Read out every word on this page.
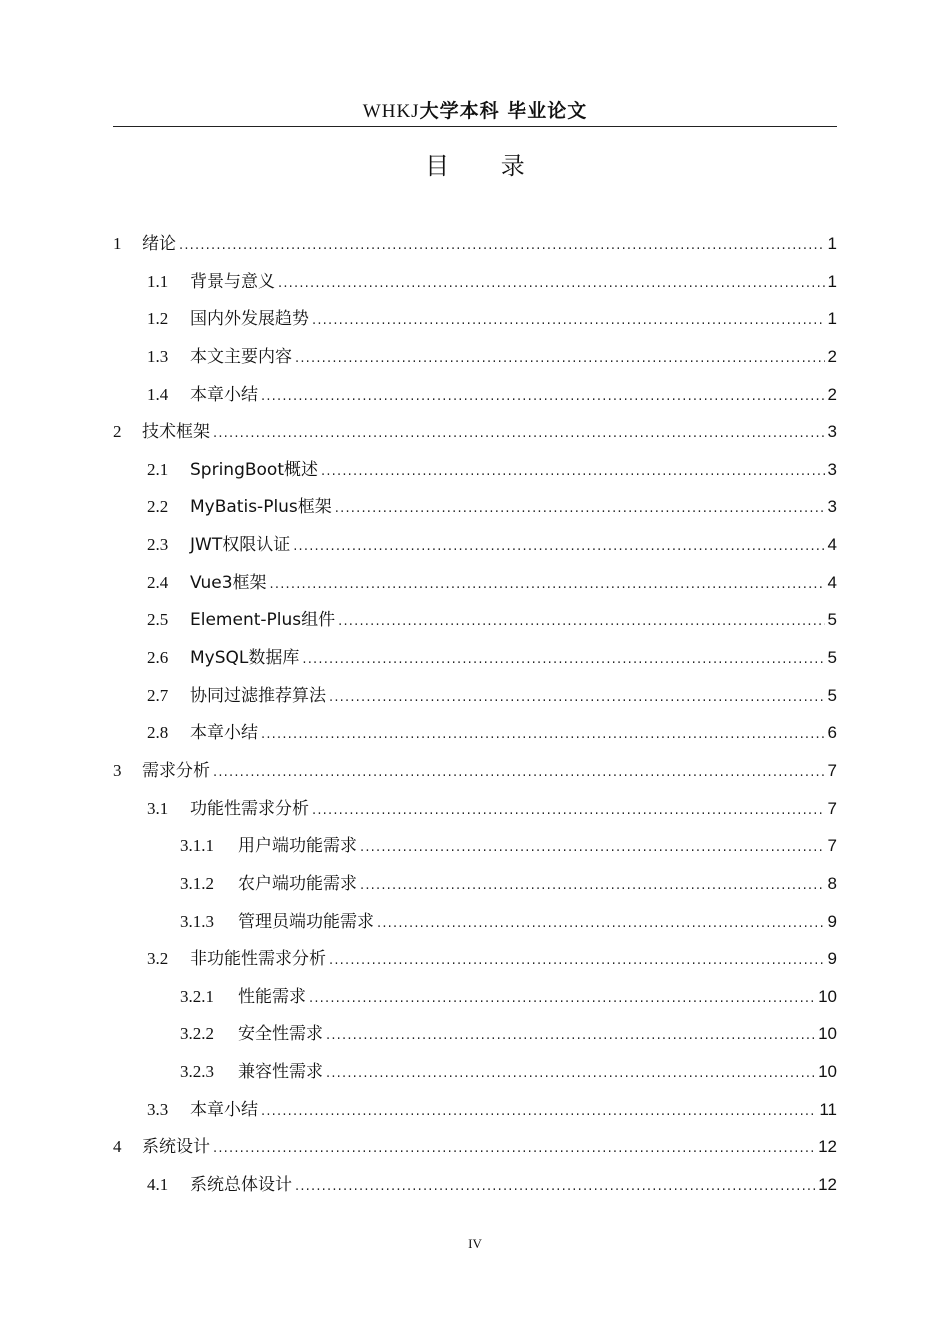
WHKJ大学本科 毕业论文
目 录
1	绪论 .....	1
1.1	背景与意义 .....	1
1.2	国内外发展趋势 .....	1
1.3	本文主要内容 .....	2
1.4	本章小结 .....	2
2	技术框架 .....	3
2.1	SpringBoot概述 .....	3
2.2	MyBatis-Plus框架 .....	3
2.3	JWT权限认证 .....	4
2.4	Vue3框架 .....	4
2.5	Element-Plus组件 .....	5
2.6	MySQL数据库 .....	5
2.7	协同过滤推荐算法 .....	5
2.8	本章小结 .....	6
3	需求分析 .....	7
3.1	功能性需求分析 .....	7
3.1.1	用户端功能需求 .....	7
3.1.2	农户端功能需求 .....	8
3.1.3	管理员端功能需求 .....	9
3.2	非功能性需求分析 .....	9
3.2.1	性能需求 .....	10
3.2.2	安全性需求 .....	10
3.2.3	兼容性需求 .....	10
3.3	本章小结 .....	11
4	系统设计 .....	12
4.1	系统总体设计 .....	12
IV
